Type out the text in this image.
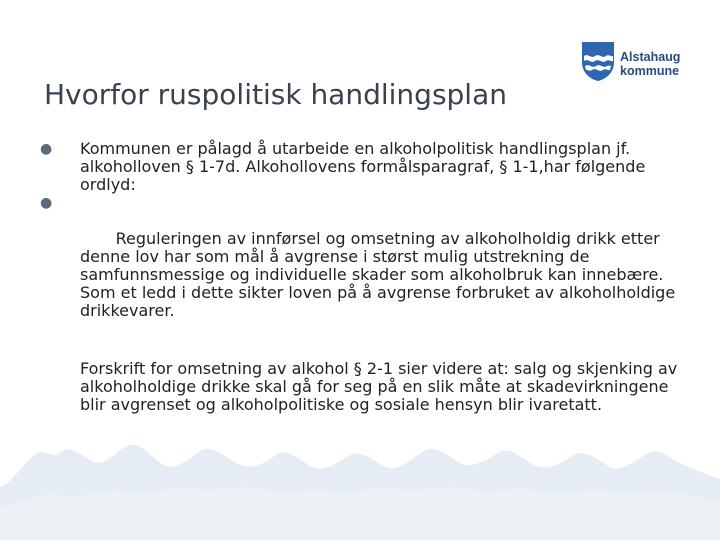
Alstahaug
kommune
Hvorfor ruspolitisk handlingsplan

● Kommunen er pålagd å utarbeide en alkoholpolitisk handlingsplan jf. alkoholloven § 1-7d. Alkohollovens formålsparagraf, § 1-1,har følgende ordlyd:

●

Reguleringen av innførsel og omsetning av alkoholholdig drikk etter denne lov har som mål å avgrense i størst mulig utstrekning de samfunnsmessige og individuelle skader som alkoholbruk kan innebære. Som et ledd i dette sikter loven på å avgrense forbruket av alkoholholdige drikkevarer.

Forskrift for omsetning av alkohol § 2-1 sier videre at: salg og skjenking av alkoholholdige drikke skal gå for seg på en slik måte at skadevirkningene blir avgrenset og alkoholpolitiske og sosiale hensyn blir ivaretatt.
